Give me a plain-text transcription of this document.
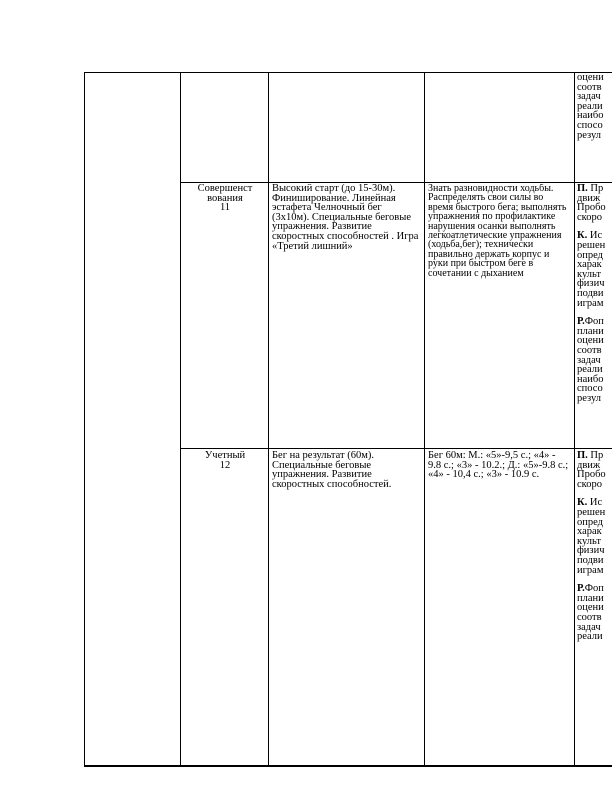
оцени
соотв
задач
реали
наибо
спосо
резул
Совершенст
вования
11
Высокий старт (до 15-30м). Финиширование. Линейная эстафета Челночный бег (3х10м). Специальные беговые упражнения. Развитие скоростных способностей . Игра «Третий лишний»
Знать разновидности ходьбы. Распределять свои силы во время быстрого бега; выполнять упражнения по профилактике нарушения осанки выполнять легкоатлетические упражнения (ходьба,бег); технически правильно держать корпус и руки при быстром беге в сочетании с дыханием
П. Пр
движ
Пробо
скоро
К. Ис
решен
опред
харак
культ
физич
подви
играм
Р.Фоп
плани
оцени
соотв
задач
реали
наибо
спосо
резул
Учетный
12
Бег на результат (60м). Специальные беговые упражнения. Развитие скоростных способностей.
Бег 60м: М.: «5»-9,5 с.; «4» - 9.8 с.; «3» - 10.2.; Д.: «5»-9.8 с.; «4» - 10,4 с.; «3» - 10.9 с.
П. Пр
движ
Пробо
скоро
К. Ис
решен
опред
харак
культ
физич
подви
играм
Р.Фоп
плани
оцени
соотв
задач
реали
